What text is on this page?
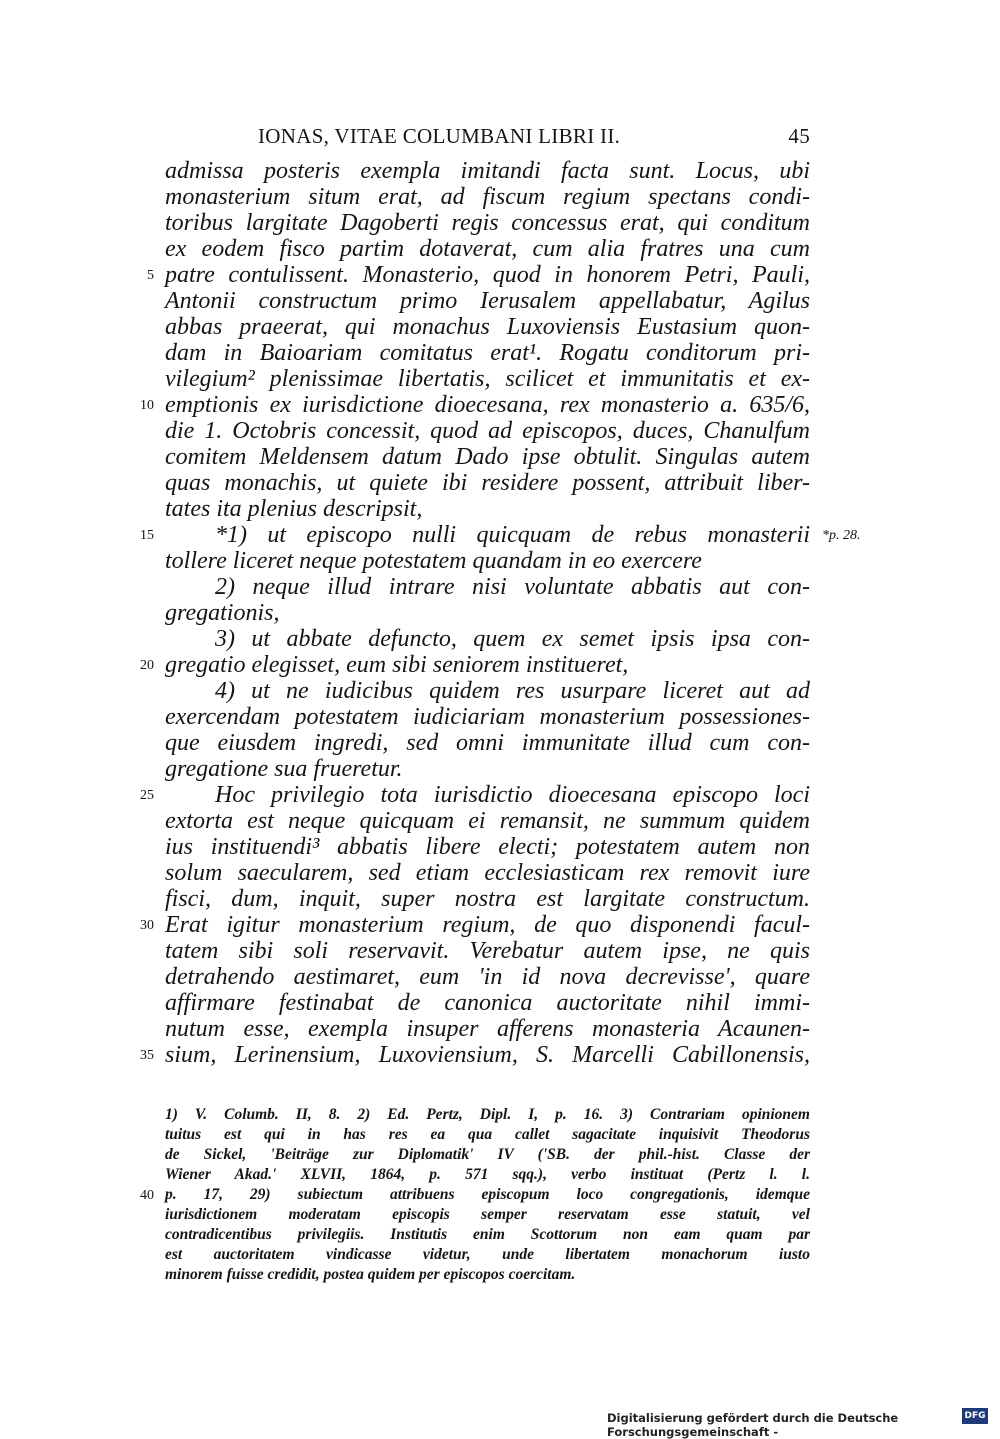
IONAS, VITAE COLUMBANI LIBRI II.	45
admissa posteris exempla imitandi facta sunt. Locus, ubi
monasterium situm erat, ad fiscum regium spectans condi-
toribus largitate Dagoberti regis concessus erat, qui conditum
ex eodem fisco partim dotaverat, cum alia fratres una cum
patre contulissent. Monasterio, quod in honorem Petri, Pauli,
Antonii constructum primo Ierusalem appellabatur, Agilus
abbas praeerat, qui monachus Luxoviensis Eustasium quon-
dam in Baioariam comitatus erat¹. Rogatu conditorum pri-
vilegium² plenissimae libertatis, scilicet et immunitatis et ex-
emptionis ex iurisdictione dioecesana, rex monasterio a. 635/6,
die 1. Octobris concessit, quod ad episcopos, duces, Chanulfum
comitem Meldensem datum Dado ipse obtulit. Singulas autem
quas monachis, ut quiete ibi residere possent, attribuit liber-
tates ita plenius descripsit,
*1) ut episcopo nulli quicquam de rebus monasterii
tollere liceret neque potestatem quandam in eo exercere
2) neque illud intrare nisi voluntate abbatis aut con-
gregationis,
3) ut abbate defuncto, quem ex semet ipsis ipsa con-
gregatio elegisset, eum sibi seniorem institueret,
4) ut ne iudicibus quidem res usurpare liceret aut ad
exercendam potestatem iudiciariam monasterium possessiones-
que eiusdem ingredi, sed omni immunitate illud cum con-
gregatione sua frueretur.
Hoc privilegio tota iurisdictio dioecesana episcopo loci
extorta est neque quicquam ei remansit, ne summum quidem
ius instituendi³ abbatis libere electi; potestatem autem non
solum saecularem, sed etiam ecclesiasticam rex removit iure
fisci, dum, inquit, super nostra est largitate constructum.
Erat igitur monasterium regium, de quo disponendi facul-
tatem sibi soli reservavit. Verebatur autem ipse, ne quis
detrahendo aestimaret, eum 'in id nova decrevisse', quare
affirmare festinabat de canonica auctoritate nihil immi-
nutum esse, exempla insuper afferens monasteria Acaunen-
sium, Lerinensium, Luxoviensium, S. Marcelli Cabillonensis,
5
10
15
20
25
30
35
*p. 28.
1) V. Columb. II, 8. 2) Ed. Pertz, Dipl. I, p. 16. 3) Contrariam opinionem
tuitus est qui in has res ea qua callet sagacitate inquisivit Theodorus
de Sickel, 'Beiträge zur Diplomatik' IV ('SB. der phil.-hist. Classe der
Wiener Akad.' XLVII, 1864, p. 571 sqq.), verbo instituat (Pertz l. l.
p. 17, 29) subiectum attribuens episcopum loco congregationis, idemque
iurisdictionem moderatam episcopis semper reservatam esse statuit, vel
contradicentibus privilegiis. Institutis enim Scottorum non eam quam par
est auctoritatem vindicasse videtur, unde libertatem monachorum iusto
minorem fuisse credidit, postea quidem per episcopos coercitam.
40
Digitalisierung gefördert durch die Deutsche Forschungsgemeinschaft -
DFG
